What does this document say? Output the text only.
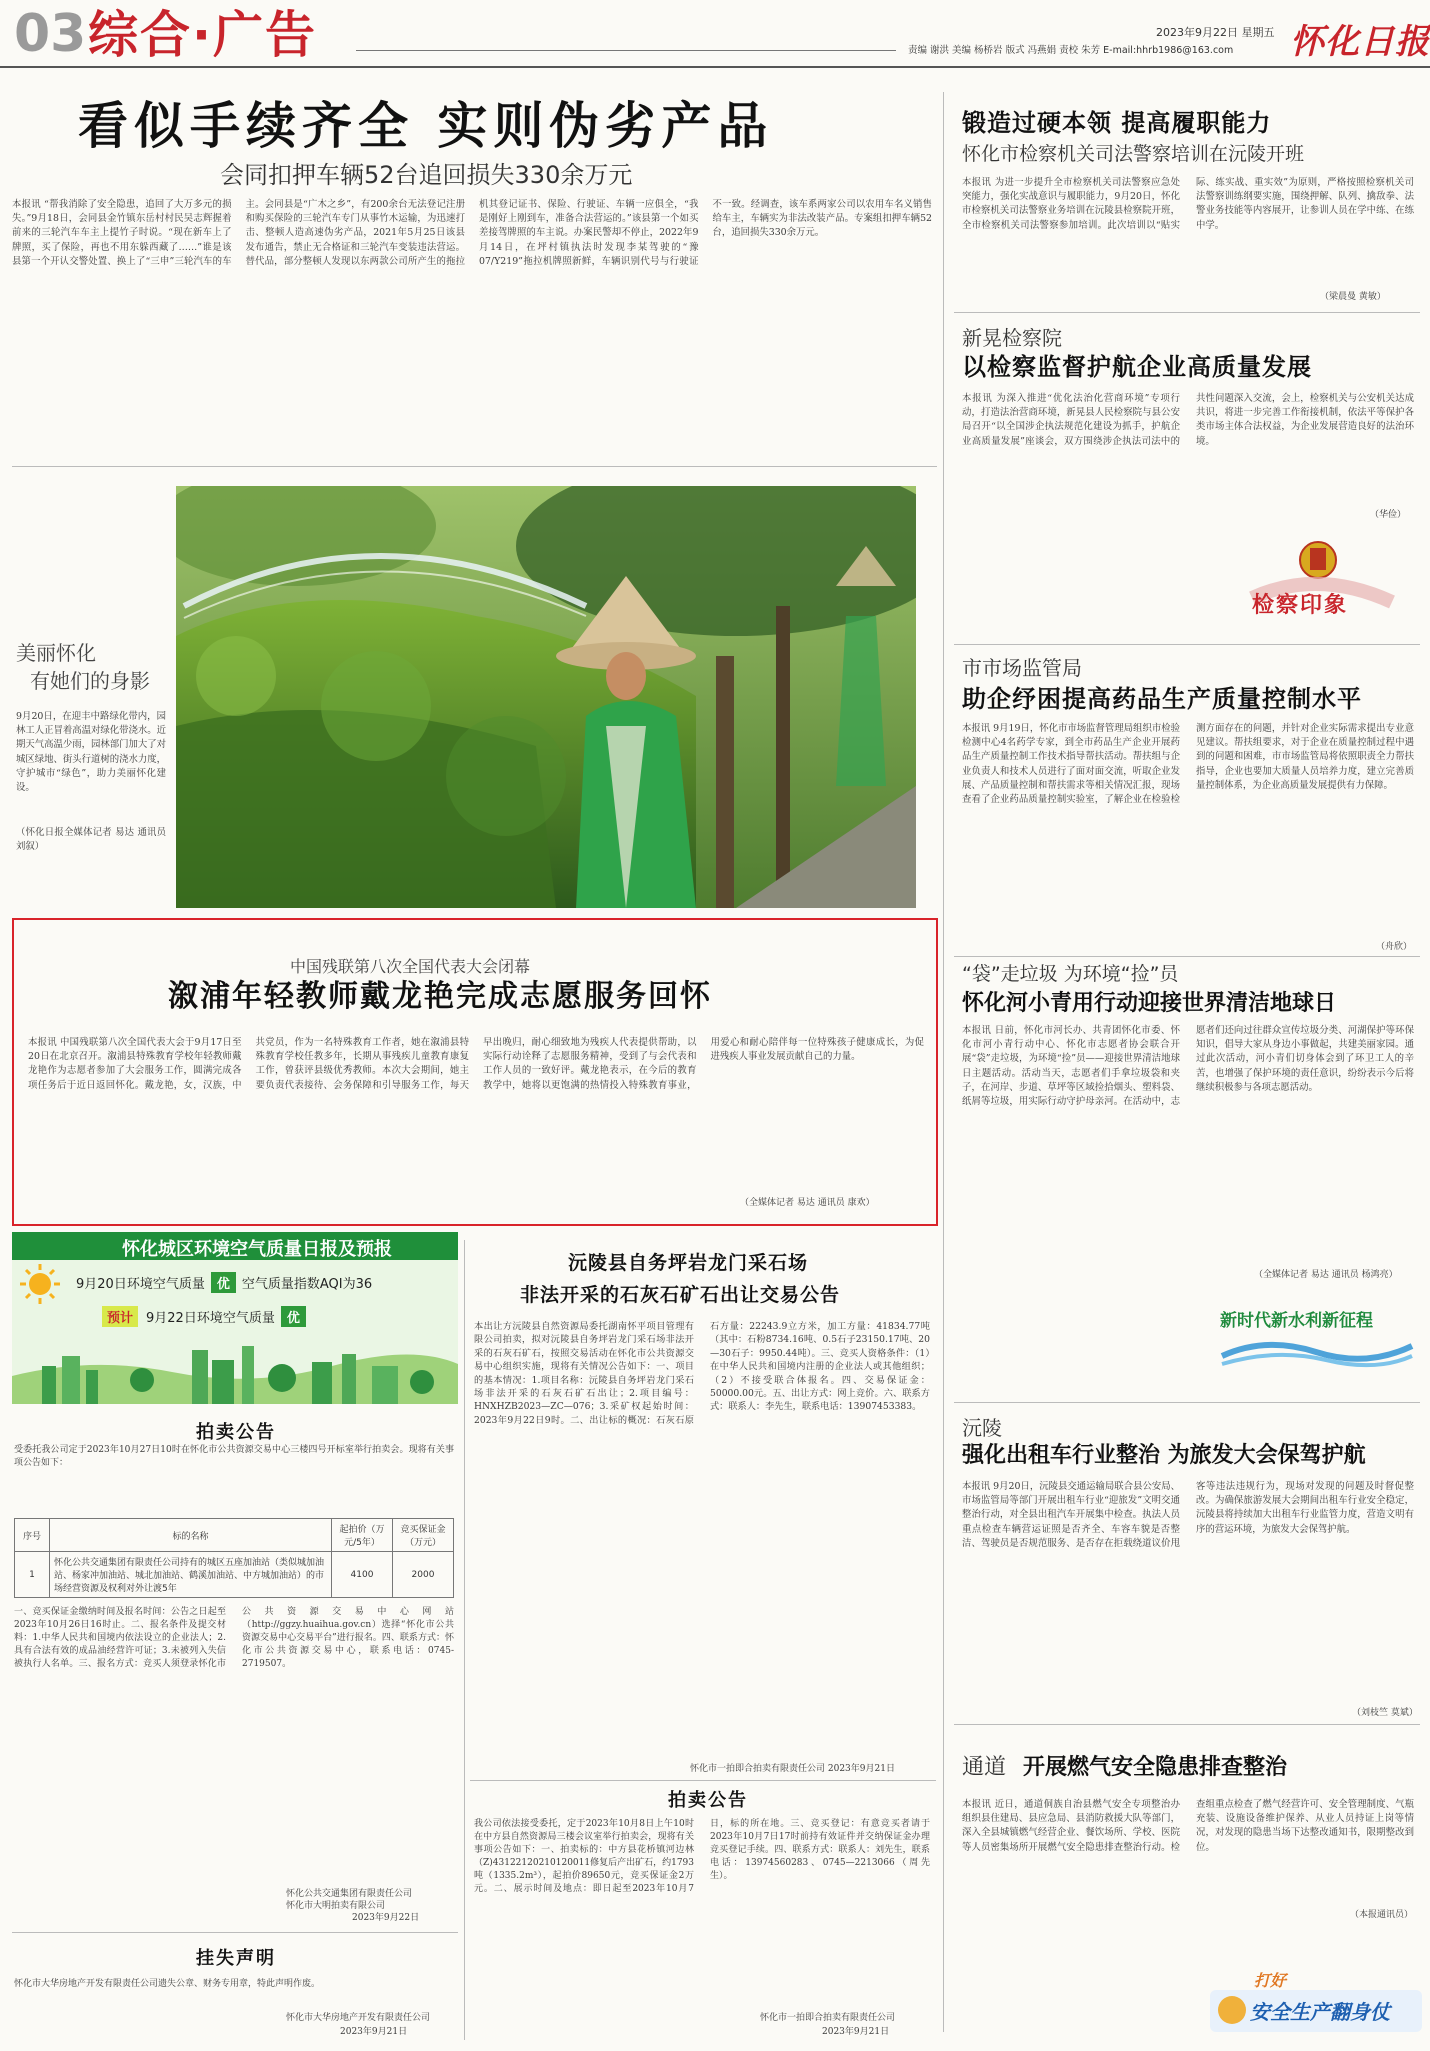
03 综合·广告	2023年9月22日 星期五
责编 谢洪 美编 杨桥岩 版式 冯燕娟 责校 朱芳 E-mail:hhrb1986@163.com 怀化日报
看似手续齐全 实则伪劣产品
会同扣押车辆52台追回损失330余万元
本报讯 “帮我消除了安全隐患，追回了大万多元的损失。”9月18日，会同县金竹镇东岳村村民吴志辉握着前来的三轮汽车车主上提竹子时说。“现在新车上了牌照，买了保险，再也不用东躲西藏了……”谁是该县第一个开认交警处置、换上了“三申”三轮汽车的车主。会同县是“广木之乡”，有200余台无法登记注册和购买保险的三轮汽车专门从事竹木运输，为迅速打击、整顿人造高速伪劣产品，2021年5月25日该县发布通告，禁止无合格证和三轮汽车变装违法营运。替代品，部分整顿人发现以东两款公司所产生的拖拉机其登记证书、保险、行驶证、车辆一应俱全，“我是刚好上刚到车，准备合法营运的。”该县第一个如买差接驾牌照的车主说。办案民警却不停止，2022年9月14日，在坪村镇执法时发现李某驾驶的“豫07/Y219”拖拉机牌照新鲜，车辆识别代号与行驶证不一致。经调查，该车系两家公司以农用车名义销售给车主，车辆实为非法改装产品。专案组扣押车辆52台，追回损失330余万元。
锻造过硬本领 提高履职能力
怀化市检察机关司法警察培训在沅陵开班
本报讯 为进一步提升全市检察机关司法警察应急处突能力，强化实战意识与履职能力，9月20日，怀化市检察机关司法警察业务培训在沅陵县检察院开班，全市检察机关司法警察参加培训。此次培训以“贴实际、练实战、重实效”为原则，严格按照检察机关司法警察训练纲要实施，围绕押解、队列、擒敌拳、法警业务技能等内容展开，让参训人员在学中练、在练中学。
（梁晨曼 黄敏）
新晃检察院
以检察监督护航企业高质量发展
本报讯 为深入推进“优化法治化营商环境”专项行动，打造法治营商环境，新晃县人民检察院与县公安局召开“以全国涉企执法规范化建设为抓手，护航企业高质量发展”座谈会，双方围绕涉企执法司法中的共性问题深入交流，会上，检察机关与公安机关达成共识，将进一步完善工作衔接机制，依法平等保护各类市场主体合法权益，为企业发展营造良好的法治环境。
（华俭）
检察印象
市市场监管局
助企纾困提高药品生产质量控制水平
本报讯 9月19日，怀化市市场监督管理局组织市检验检测中心4名药学专家，到全市药品生产企业开展药品生产质量控制工作技术指导帮扶活动。帮扶组与企业负责人和技术人员进行了面对面交流，听取企业发展、产品质量控制和帮扶需求等相关情况汇报，现场查看了企业药品质量控制实验室，了解企业在检验检测方面存在的问题，并针对企业实际需求提出专业意见建议。帮扶组要求，对于企业在质量控制过程中遇到的问题和困难，市市场监管局将依照职责全力帮扶指导，企业也要加大质量人员培养力度，建立完善质量控制体系，为企业高质量发展提供有力保障。
（舟欣）
“袋”走垃圾 为环境“捡”员
怀化河小青用行动迎接世界清洁地球日
本报讯 日前，怀化市河长办、共青团怀化市委、怀化市河小青行动中心、怀化市志愿者协会联合开展“袋”走垃圾，为环境“捡”员——迎接世界清洁地球日主题活动。活动当天，志愿者们手拿垃圾袋和夹子，在河岸、步道、草坪等区域捡拾烟头、塑料袋、纸屑等垃圾，用实际行动守护母亲河。在活动中，志愿者们还向过往群众宣传垃圾分类、河湖保护等环保知识，倡导大家从身边小事做起，共建美丽家园。通过此次活动，河小青们切身体会到了环卫工人的辛苦，也增强了保护环境的责任意识，纷纷表示今后将继续积极参与各项志愿活动。
（全媒体记者 易达 通讯员 杨鸿亮）
新时代新水利新征程
沅陵
强化出租车行业整治 为旅发大会保驾护航
本报讯 9月20日，沅陵县交通运输局联合县公安局、市场监管局等部门开展出租车行业“迎旅发”文明交通整治行动，对全县出租汽车开展集中检查。执法人员重点检查车辆营运证照是否齐全、车容车貌是否整洁、驾驶员是否规范服务、是否存在拒载绕道议价甩客等违法违规行为，现场对发现的问题及时督促整改。为确保旅游发展大会期间出租车行业安全稳定，沅陵县将持续加大出租车行业监管力度，营造文明有序的营运环境，为旅发大会保驾护航。
（刘枝竺 莫斌）
通道 开展燃气安全隐患排查整治
本报讯 近日，通道侗族自治县燃气安全专项整治办组织县住建局、县应急局、县消防救援大队等部门，深入全县城镇燃气经营企业、餐饮场所、学校、医院等人员密集场所开展燃气安全隐患排查整治行动。检查组重点检查了燃气经营许可、安全管理制度、气瓶充装、设施设备维护保养、从业人员持证上岗等情况，对发现的隐患当场下达整改通知书，限期整改到位。
（本报通讯员）
打好
安全生产翻身仗
美丽怀化
有她们的身影
9月20日，在迎丰中路绿化带内，园林工人正冒着高温对绿化带浇水。近期天气高温少雨，园林部门加大了对城区绿地、街头行道树的浇水力度，守护城市“绿色”，助力美丽怀化建设。
（怀化日报全媒体记者 易达 通讯员 刘叙）
中国残联第八次全国代表大会闭幕
溆浦年轻教师戴龙艳完成志愿服务回怀
本报讯 中国残联第八次全国代表大会于9月17日至20日在北京召开。溆浦县特殊教育学校年轻教师戴龙艳作为志愿者参加了大会服务工作，圆满完成各项任务后于近日返回怀化。戴龙艳，女，汉族，中共党员，作为一名特殊教育工作者，她在溆浦县特殊教育学校任教多年，长期从事残疾儿童教育康复工作，曾获评县级优秀教师。本次大会期间，她主要负责代表接待、会务保障和引导服务工作，每天早出晚归，耐心细致地为残疾人代表提供帮助，以实际行动诠释了志愿服务精神，受到了与会代表和工作人员的一致好评。戴龙艳表示，在今后的教育教学中，她将以更饱满的热情投入特殊教育事业，用爱心和耐心陪伴每一位特殊孩子健康成长，为促进残疾人事业发展贡献自己的力量。
（全媒体记者 易达 通讯员 康欢）
怀化城区环境空气质量日报及预报
9月20日环境空气质量 优 空气质量指数AQI为36
预计	9月22日环境空气质量 优
拍卖公告
受委托我公司定于2023年10月27日10时在怀化市公共资源交易中心三楼四号开标室举行拍卖会。现将有关事项公告如下：
序号	标的名称	起拍价（万元/5年）	竞买保证金（万元）
1	怀化公共交通集团有限责任公司持有的城区五座加油站（类似城加油站、杨家冲加油站、城北加油站、鹤溪加油站、中方城加油站）的市场经营资源及权利对外让渡5年	4100	2000
一、竞买保证金缴纳时间及报名时间：公告之日起至2023年10月26日16时止。二、报名条件及提交材料：1.中华人民共和国境内依法设立的企业法人；2.具有合法有效的成品油经营许可证；3.未被列入失信被执行人名单。三、报名方式：竞买人须登录怀化市公共资源交易中心网站（http://ggzy.huaihua.gov.cn）选择“怀化市公共资源交易中心交易平台”进行报名。四、联系方式：怀化市公共资源交易中心，联系电话：0745-2719507。
怀化公共交通集团有限责任公司
怀化市大明拍卖有限公司
2023年9月22日
挂失声明
怀化市大华房地产开发有限责任公司遗失公章、财务专用章，特此声明作废。
怀化市大华房地产开发有限责任公司
2023年9月21日
沅陵县自务坪岩龙门采石场
非法开采的石灰石矿石出让交易公告
本出让方沅陵县自然资源局委托湖南怀平项目管理有限公司拍卖，拟对沅陵县自务坪岩龙门采石场非法开采的石灰石矿石，按照交易活动在怀化市公共资源交易中心组织实施，现将有关情况公告如下：一、项目的基本情况：1.项目名称：沅陵县自务坪岩龙门采石场非法开采的石灰石矿石出让；2.项目编号：HNXHZB2023—ZC—076；3.采矿权起始时间：2023年9月22日9时。二、出让标的概况：石灰石原石方量：22243.9立方米，加工方量：41834.77吨（其中：石粉8734.16吨、0.5石子23150.17吨、20—30石子：9950.44吨）。三、竞买人资格条件：（1）在中华人民共和国境内注册的企业法人或其他组织；（2）不接受联合体报名。四、交易保证金：50000.00元。五、出让方式：网上竞价。六、联系方式：联系人：李先生，联系电话：13907453383。
怀化市一拍即合拍卖有限责任公司 2023年9月21日
拍卖公告
我公司依法接受委托，定于2023年10月8日上午10时在中方县自然资源局三楼会议室举行拍卖会，现将有关事项公告如下：一、拍卖标的：中方县花桥镇河边林（Z)43122120210120011修复后产出矿石，约1793吨（1335.2m³），起拍价89650元，竞买保证金2万元。二、展示时间及地点：即日起至2023年10月7日，标的所在地。三、竞买登记：有意竞买者请于2023年10月7日17时前持有效证件并交纳保证金办理竞买登记手续。四、联系方式：联系人：刘先生，联系电话：13974560283、0745—2213066（周先生）。
怀化市一拍即合拍卖有限责任公司
2023年9月21日
